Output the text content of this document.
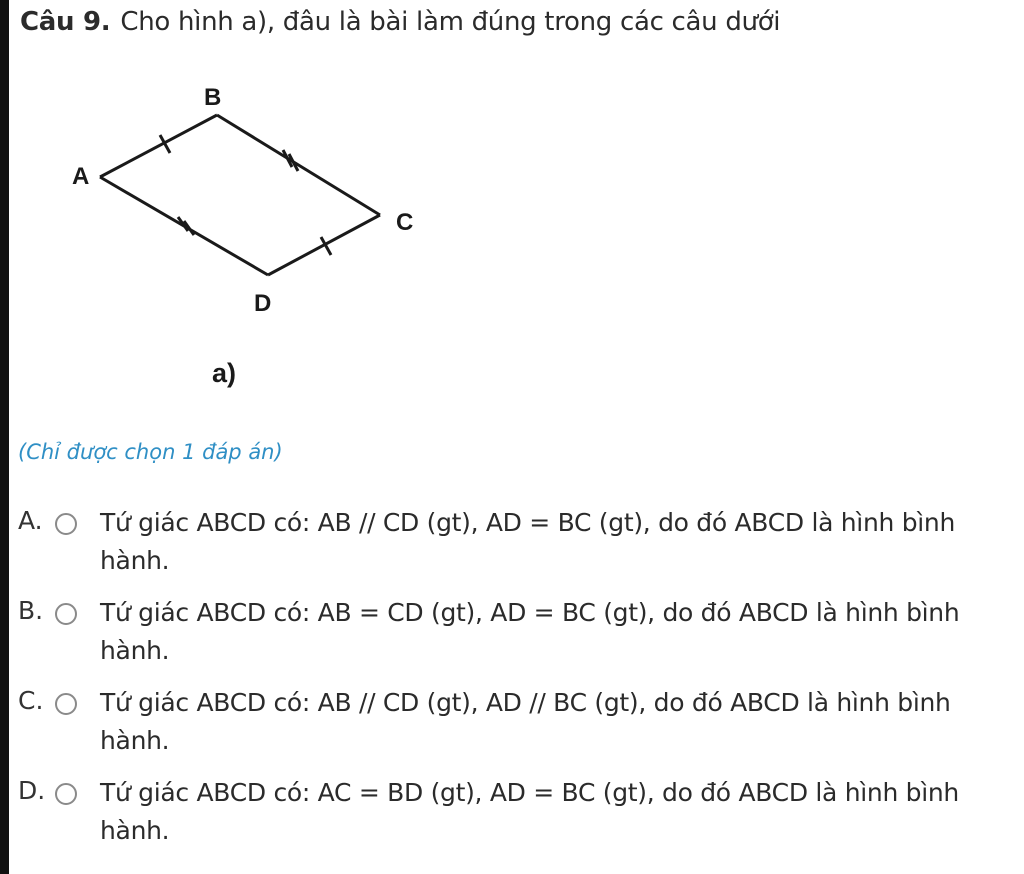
Câu 9. Cho hình a), đâu là bài làm đúng trong các câu dưới
B
A
C
D
a)
(Chỉ được chọn 1 đáp án)
A. Tứ giác ABCD có: AB // CD (gt), AD = BC (gt), do đó ABCD là hình bình hành.
B. Tứ giác ABCD có: AB = CD (gt), AD = BC (gt), do đó ABCD là hình bình hành.
C. Tứ giác ABCD có: AB // CD (gt), AD // BC (gt), do đó ABCD là hình bình hành.
D. Tứ giác ABCD có: AC = BD (gt), AD = BC (gt), do đó ABCD là hình bình hành.
